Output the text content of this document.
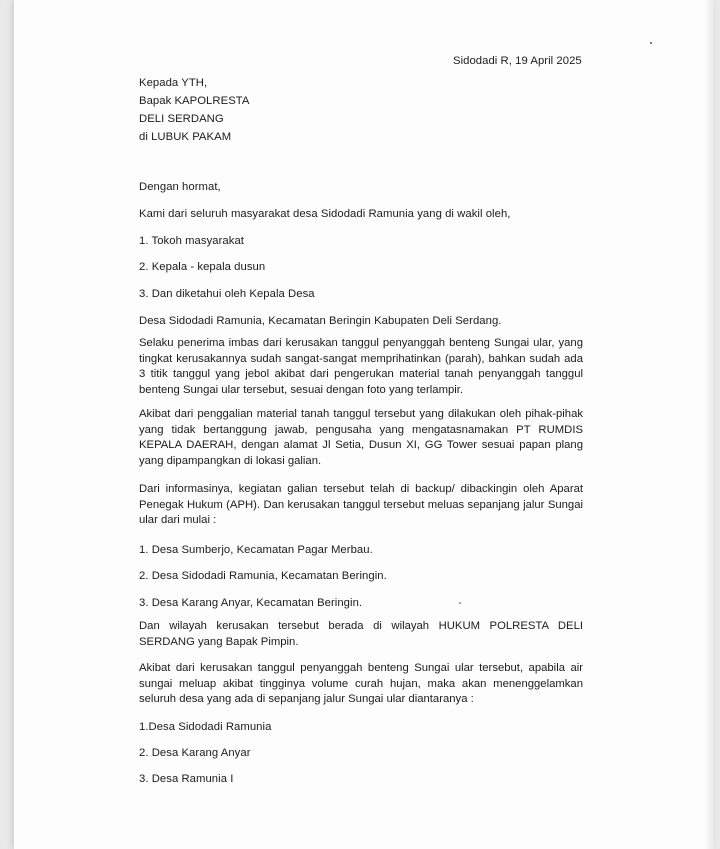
Sidodadi R, 19 April 2025
Kepada YTH,
Bapak KAPOLRESTA
DELI SERDANG
di LUBUK PAKAM
Dengan hormat,
Kami dari seluruh masyarakat desa Sidodadi Ramunia yang di wakil oleh,
1. Tokoh masyarakat
2. Kepala - kepala dusun
3. Dan diketahui oleh Kepala Desa
Desa Sidodadi Ramunia, Kecamatan Beringin Kabupaten Deli Serdang.
Selaku penerima imbas dari kerusakan tanggul penyanggah benteng Sungai ular, yang tingkat kerusakannya sudah sangat-sangat memprihatinkan (parah), bahkan sudah ada 3 titik tanggul yang jebol akibat dari pengerukan material tanah penyanggah tanggul benteng Sungai ular tersebut, sesuai dengan foto yang terlampir.
Akibat dari penggalian material tanah tanggul tersebut yang dilakukan oleh pihak-pihak yang tidak bertanggung jawab, pengusaha yang mengatasnamakan PT RUMDIS KEPALA DAERAH, dengan alamat Jl Setia, Dusun XI, GG Tower sesuai papan plang yang dipampangkan di lokasi galian.
Dari informasinya, kegiatan galian tersebut telah di backup/ dibackingin oleh Aparat Penegak Hukum (APH). Dan kerusakan tanggul tersebut meluas sepanjang jalur Sungai ular dari mulai :
1. Desa Sumberjo, Kecamatan Pagar Merbau.
2. Desa Sidodadi Ramunia, Kecamatan Beringin.
3. Desa Karang Anyar, Kecamatan Beringin.
Dan wilayah kerusakan tersebut berada di wilayah HUKUM POLRESTA DELI SERDANG yang Bapak Pimpin.
Akibat dari kerusakan tanggul penyanggah benteng Sungai ular tersebut, apabila air sungai meluap akibat tingginya volume curah hujan, maka akan menenggelamkan seluruh desa yang ada di sepanjang jalur Sungai ular diantaranya :
1.Desa Sidodadi Ramunia
2. Desa Karang Anyar
3. Desa Ramunia I
